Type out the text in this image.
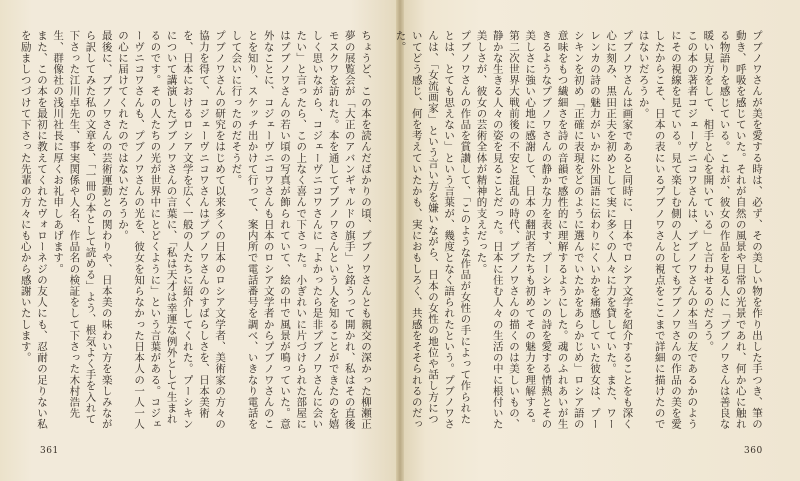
ちょうど、この本を読んだばかりの頃、プブノワさんとも親交の深かった柳瀬正夢の展覧会が「大正のアバンギャルドの旗手」と銘うって開かれ、私はその直後モスクワを訪れた。本を通してプブノワさんという人を知ることができたのを嬉しく思いながら、コジェーヴニコワさんに「よかったら是非プブノワさんに会いたい」と言ったら、この上なく喜んで下さった。小ぎれいに片づけられた部屋にはプブノワさんの若い頃の写真が飾られていて、絵の中で風景が鳴っていた。意外なことに、コジェーヴニコワさんも日本のロシア文学者からプブノワさんのことを知り、スケッチ出かけて行って、案内所で電話番号を調べ、いきなり電話をして会いに行ったのだそうだ。
プブノワさんの研究をはじめて以来多くの日本のロシア文学者、美術家の方々の協力を得て、コジェーヴニコワさんはプブノワさんのすばらしさを、日本美術を、日本におけるロシア文学を広く一般の人たちに紹介してくれた。プーシキンについて講演したプブノワさんの言葉に、「私は天才は幸運な例外として生まれるのです。その人たちの光が世界中にとどくように」という言葉がある。コジェーヴニコワさんも、プブノワさんの光を、彼女を知らなかった日本人の一人一人の心に届けてくれたのではないだろうか。
最後に、プブノワさんの芸術運動との関わりや、日本美の味わい方を楽しみながら訳してみた私の文章を、「一冊の本として読める」よう、根気よく手を入れて下さった江川卓先生、事実関係や人名、作品名の検証をして下さった木村浩先生、群像社の浅川社長に厚くお礼申しあげます。
また、この本を最初に教えてくれたヴォローネジの友人にも、忍耐の足りない私を励ましつづけて下さった先輩の方々にも心から感謝いたします。	プブノワさんが美を愛する時は、必ず、その美しい物を作り出した手つき、筆の動き、呼吸を感じていた。それが自然の風景や日常の光景であれ、何か心に触れる物語りを感じている。これが、彼女の作品を見る人に「プブノワさんは善良な暖い見方をして、相手と心を開いている」と言わせるのだろう。
この本の著者コジェーヴニコワさんは、プブノワさんの本当の友であるかのようにその視線を見ている。見て楽しむ側の人としてもプブノワさんの作品の美を愛したからこそ、日本の表にいるプブノワさんの視点をここまで詳細に描けたのではないだろうか。
プブノワさんは画家であると同時に、日本でロシア文学を紹介することをも深く心に刻み、黒田正夫を初めとして実に多くの人々に力を貸していた。また、ワーレンカの詩の魅力がいかに外国語に伝わりにくいかを痛感していた彼女は、プーシキンを初め「正確に表現をどのように選んでいたかをあらかじめ」ロシア語の意味をもつ繊細さを詩の音韻で感性的に理解するようにした。魂のふれあいが生きるようなプブノワさんの静かな力を表す、プーシキンの詩を愛する情熱とその美しさに強い心地に感謝して、日本の翻訳者たちも初めてその魅力を理解する。
第二次世界大戦前後の不安と混乱の時代、プブノワさんの描くのは美しいもの、静かな生きる人々の姿を見ることだった。日本に住む人々の生活の中に根付いた美しさが、彼女の芸術全体が精神的支えだった。
プブノワさんの作品を賞讃して、「このような作品が女性の手によって作られたとは、とても思えない」という言葉が、幾度となく語られたという。プブノワさんは、「女流画家」という言い方を嫌いながら、日本の女性の地位や話し方についてどう感じ、何を考えていたかも、実におもしろく、共感をそそられるのだった。
361	360
